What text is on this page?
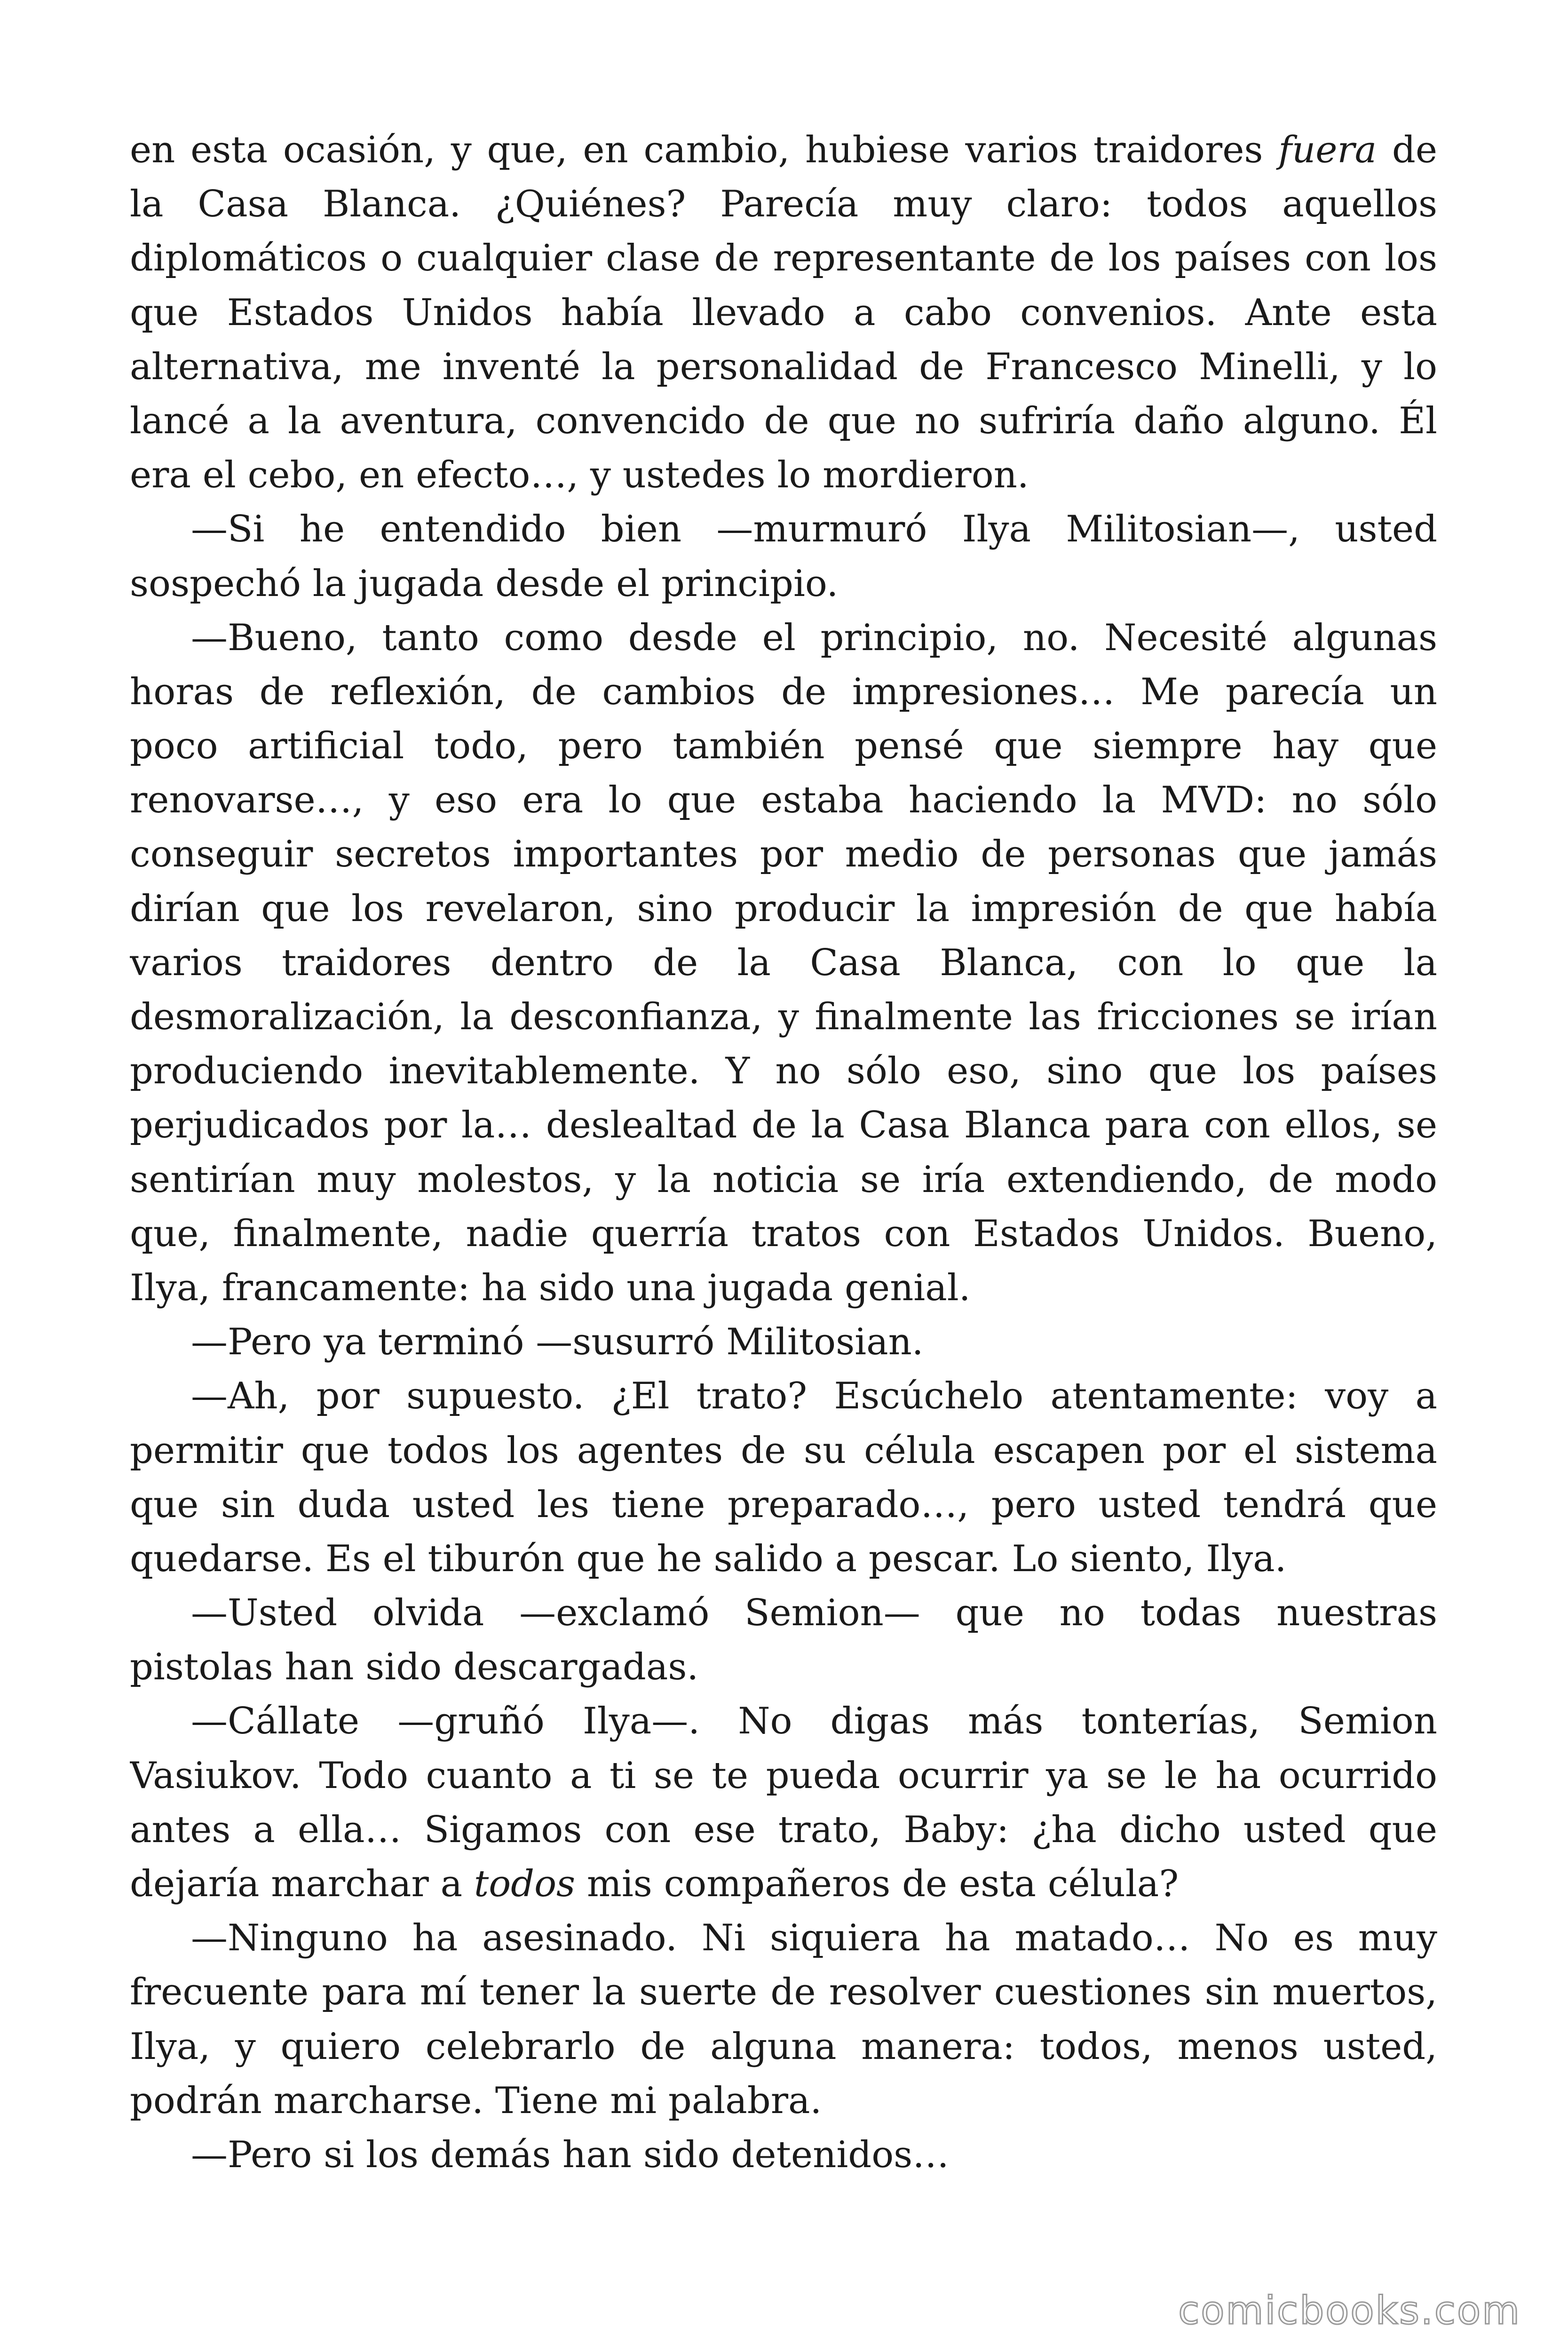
en esta ocasión, y que, en cambio, hubiese varios traidores fuera de
la Casa Blanca. ¿Quiénes? Parecía muy claro: todos aquellos
diplomáticos o cualquier clase de representante de los países con los
que Estados Unidos había llevado a cabo convenios. Ante esta
alternativa, me inventé la personalidad de Francesco Minelli, y lo
lancé a la aventura, convencido de que no sufriría daño alguno. Él
era el cebo, en efecto…, y ustedes lo mordieron.
—Si he entendido bien —murmuró Ilya Militosian—, usted
sospechó la jugada desde el principio.
—Bueno, tanto como desde el principio, no. Necesité algunas
horas de reflexión, de cambios de impresiones… Me parecía un
poco artificial todo, pero también pensé que siempre hay que
renovarse…, y eso era lo que estaba haciendo la MVD: no sólo
conseguir secretos importantes por medio de personas que jamás
dirían que los revelaron, sino producir la impresión de que había
varios traidores dentro de la Casa Blanca, con lo que la
desmoralización, la desconfianza, y finalmente las fricciones se irían
produciendo inevitablemente. Y no sólo eso, sino que los países
perjudicados por la… deslealtad de la Casa Blanca para con ellos, se
sentirían muy molestos, y la noticia se iría extendiendo, de modo
que, finalmente, nadie querría tratos con Estados Unidos. Bueno,
Ilya, francamente: ha sido una jugada genial.
—Pero ya terminó —susurró Militosian.
—Ah, por supuesto. ¿El trato? Escúchelo atentamente: voy a
permitir que todos los agentes de su célula escapen por el sistema
que sin duda usted les tiene preparado…, pero usted tendrá que
quedarse. Es el tiburón que he salido a pescar. Lo siento, Ilya.
—Usted olvida —exclamó Semion— que no todas nuestras
pistolas han sido descargadas.
—Cállate —gruñó Ilya—. No digas más tonterías, Semion
Vasiukov. Todo cuanto a ti se te pueda ocurrir ya se le ha ocurrido
antes a ella… Sigamos con ese trato, Baby: ¿ha dicho usted que
dejaría marchar a todos mis compañeros de esta célula?
—Ninguno ha asesinado. Ni siquiera ha matado… No es muy
frecuente para mí tener la suerte de resolver cuestiones sin muertos,
Ilya, y quiero celebrarlo de alguna manera: todos, menos usted,
podrán marcharse. Tiene mi palabra.
—Pero si los demás han sido detenidos…
comicbooks.com
